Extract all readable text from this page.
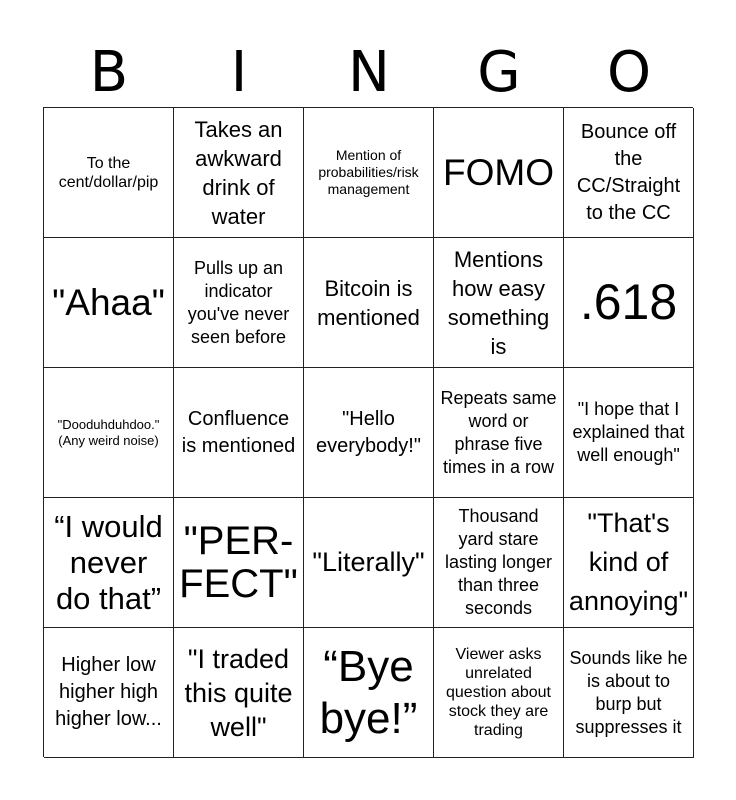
B	I	N	G	O
To the cent/dollar/pip
Takes an awkward drink of water
Mention of probabilities/risk management FOMO
Bounce off the CC/Straight to the CC
"Ahaa"
Pulls up an indicator you've never seen before
Bitcoin is mentioned
Mentions how easy something is
.618
"Dooduhduhdoo." (Any weird noise)
Confluence is mentioned
"Hello everybody!"
Repeats same word or phrase five times in a row
"I hope that I explained that well enough"
“I would never do that”
"PER-FECT" "Literally"
Thousand yard stare lasting longer than three seconds
"That's kind of annoying"
Higher low higher high higher low...
"I traded this quite well"
“Bye bye!”
Viewer asks unrelated question about stock they are trading
Sounds like he is about to burp but suppresses it
